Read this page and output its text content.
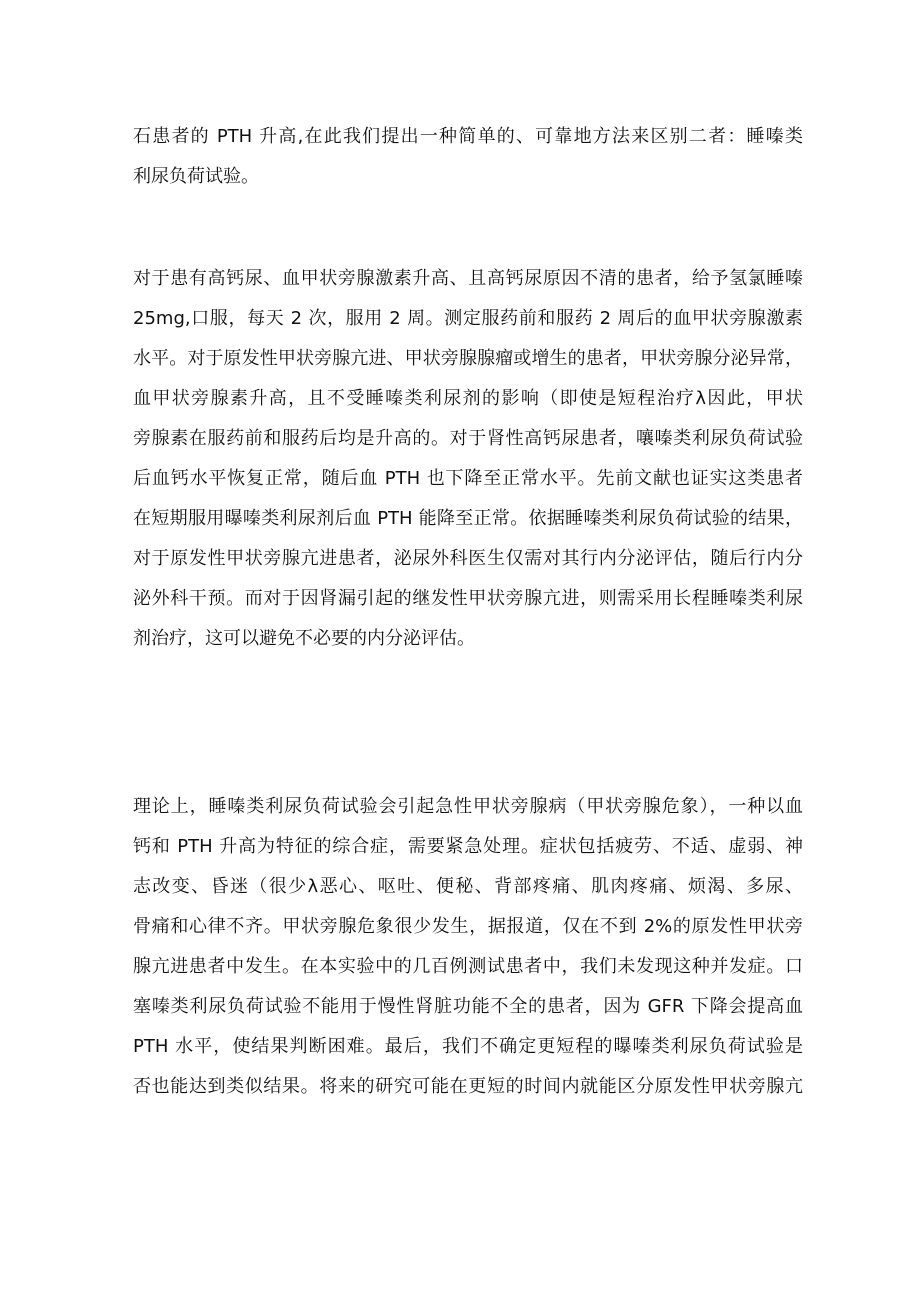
石患者的 PTH 升高,在此我们提出一种简单的、可靠地方法来区别二者：睡嗪类
利尿负荷试验。
对于患有高钙尿、血甲状旁腺激素升高、且高钙尿原因不清的患者，给予氢氯睡嗪
25mg,口服，每天 2 次，服用 2 周。测定服药前和服药 2 周后的血甲状旁腺激素
水平。对于原发性甲状旁腺亢进、甲状旁腺腺瘤或增生的患者，甲状旁腺分泌异常，
血甲状旁腺素升高，且不受睡嗪类利尿剂的影响（即使是短程治疗λ因此，甲状
旁腺素在服药前和服药后均是升高的。对于肾性高钙尿患者，嚷嗪类利尿负荷试验
后血钙水平恢复正常，随后血 PTH 也下降至正常水平。先前文献也证实这类患者
在短期服用曝嗪类利尿剂后血 PTH 能降至正常。依据睡嗪类利尿负荷试验的结果，
对于原发性甲状旁腺亢进患者，泌尿外科医生仅需对其行内分泌评估，随后行内分
泌外科干预。而对于因肾漏引起的继发性甲状旁腺亢进，则需采用长程睡嗪类利尿
剂治疗，这可以避免不必要的内分泌评估。
理论上，睡嗪类利尿负荷试验会引起急性甲状旁腺病（甲状旁腺危象），一种以血
钙和 PTH 升高为特征的综合症，需要紧急处理。症状包括疲劳、不适、虚弱、神
志改变、昏迷（很少λ恶心、呕吐、便秘、背部疼痛、肌肉疼痛、烦渴、多尿、
骨痛和心律不齐。甲状旁腺危象很少发生，据报道，仅在不到 2%的原发性甲状旁
腺亢进患者中发生。在本实验中的几百例测试患者中，我们未发现这种并发症。口
塞嗪类利尿负荷试验不能用于慢性肾脏功能不全的患者，因为 GFR 下降会提高血
PTH 水平，使结果判断困难。最后，我们不确定更短程的曝嗪类利尿负荷试验是
否也能达到类似结果。将来的研究可能在更短的时间内就能区分原发性甲状旁腺亢
